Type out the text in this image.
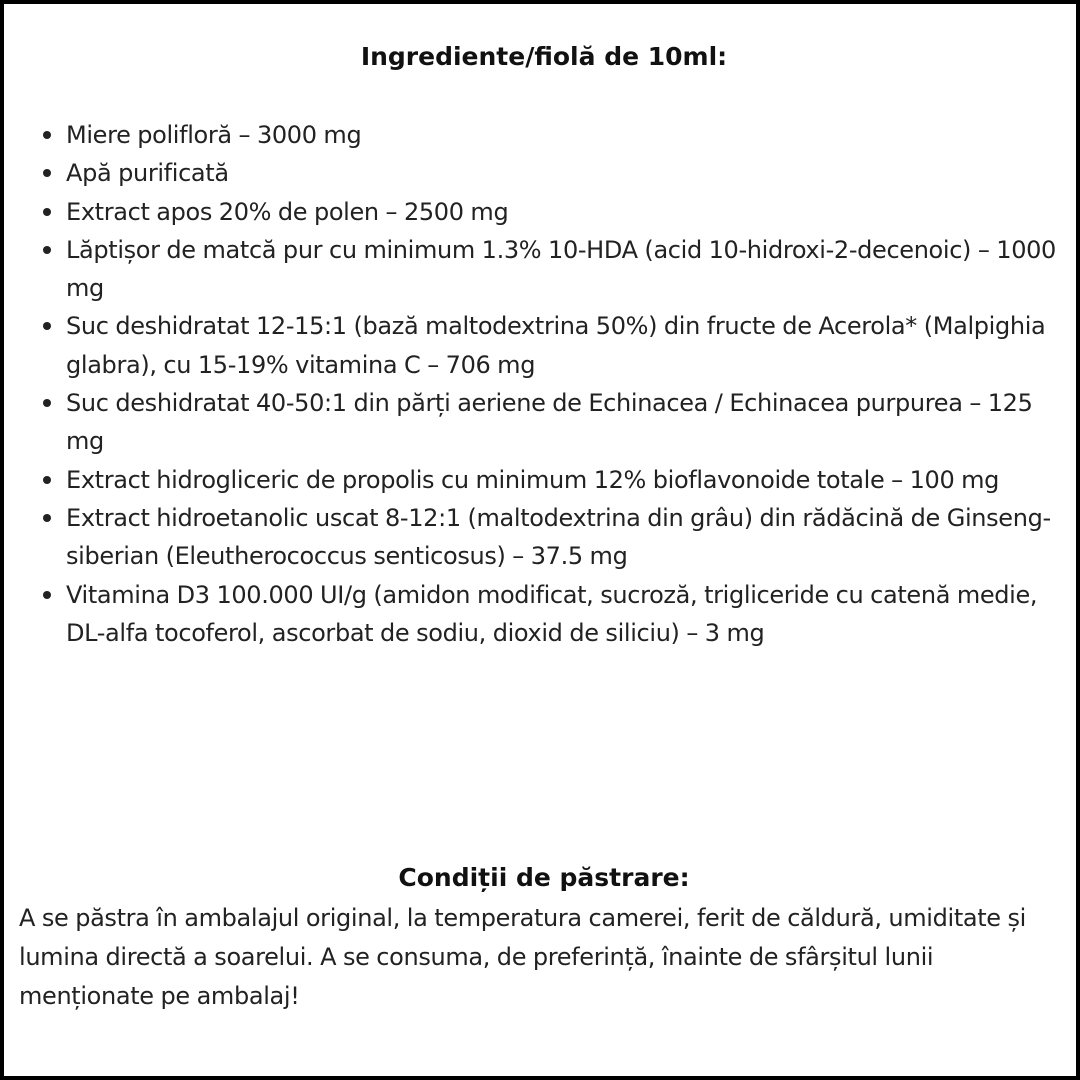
Ingrediente/fiolă de 10ml:
Miere polifloră – 3000 mg
Apă purificată
Extract apos 20% de polen – 2500 mg
Lăptișor de matcă pur cu minimum 1.3% 10-HDA (acid 10-hidroxi-2-decenoic) – 1000 mg
Suc deshidratat 12-15:1 (bază maltodextrina 50%) din fructe de Acerola* (Malpighia glabra), cu 15-19% vitamina C – 706 mg
Suc deshidratat 40-50:1 din părți aeriene de Echinacea / Echinacea purpurea – 125 mg
Extract hidrogliceric de propolis cu minimum 12% bioflavonoide totale – 100 mg
Extract hidroetanolic uscat 8-12:1 (maltodextrina din grâu) din rădăcină de Ginseng-siberian (Eleutherococcus senticosus) – 37.5 mg
Vitamina D3 100.000 UI/g (amidon modificat, sucroză, trigliceride cu catenă medie, DL-alfa tocoferol, ascorbat de sodiu, dioxid de siliciu) – 3 mg
Condiții de păstrare:

A se păstra în ambalajul original, la temperatura camerei, ferit de căldură, umiditate și lumina directă a soarelui. A se consuma, de preferință, înainte de sfârșitul lunii menționate pe ambalaj!
